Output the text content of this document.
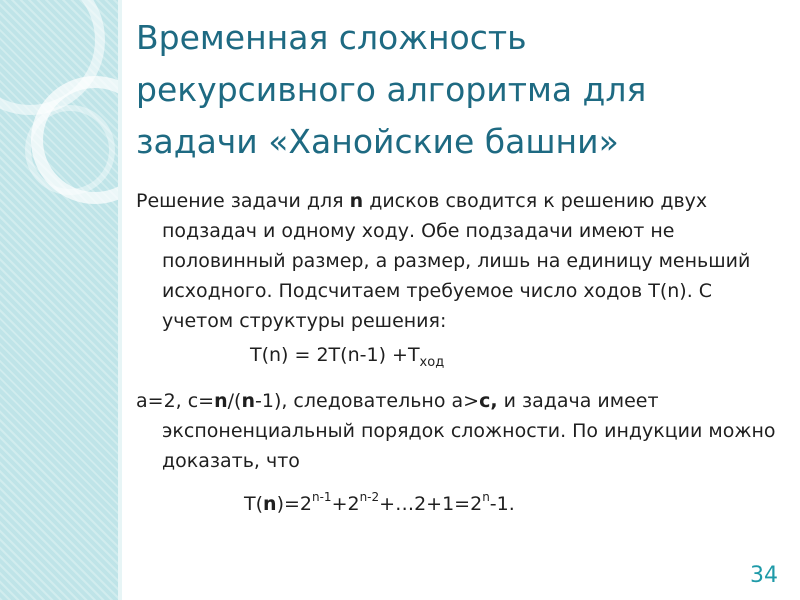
Временная сложность
рекурсивного алгоритма для
задачи «Ханойские башни»

Решение задачи для n дисков сводится к решению двух подзадач и одному ходу. Обе подзадачи имеют не половинный размер, а размер, лишь на единицу меньший исходного. Подсчитаем требуемое число ходов T(n). С учетом структуры решения:

$T(n) = 2T(n-1) +T_{ход}$

a=2, c=n/(n-1), следовательно a>c, и задача имеет экспоненциальный порядок сложности. По индукции можно доказать, что

$T(n)=2^{n-1}+2^{n-2}+\dots 2+1=2^n-1$.

34
